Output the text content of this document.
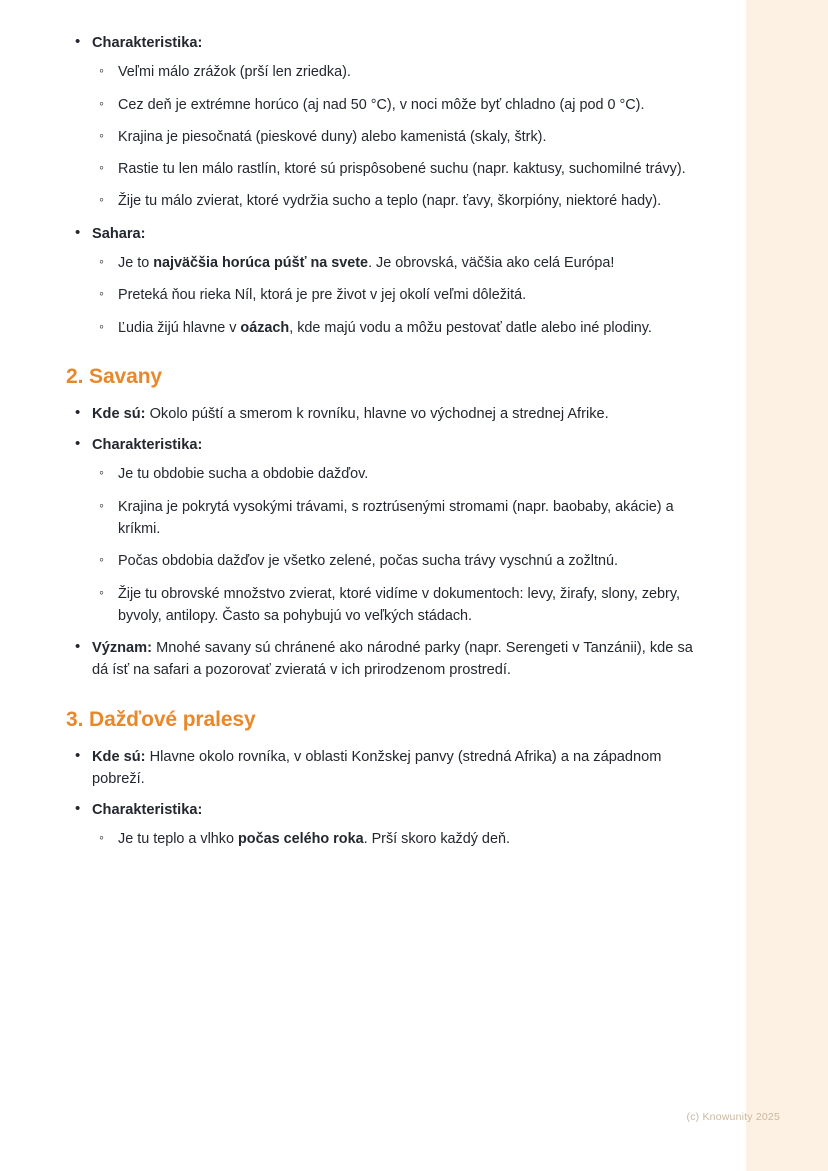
• Charakteristika:
◦ Veľmi málo zrážok (prší len zriedka).
◦ Cez deň je extrémne horúco (aj nad 50 °C), v noci môže byť chladno (aj pod 0 °C).
◦ Krajina je piesočnatá (pieskové duny) alebo kamenistá (skaly, štrk).
◦ Rastie tu len málo rastlín, ktoré sú prispôsobené suchu (napr. kaktusy, suchomilné trávy).
◦ Žije tu málo zvierat, ktoré vydržia sucho a teplo (napr. ťavy, škorpióny, niektoré hady).
• Sahara:
◦ Je to najväčšia horúca púšť na svete. Je obrovská, väčšia ako celá Európa!
◦ Preteká ňou rieka Níl, ktorá je pre život v jej okolí veľmi dôležitá.
◦ Ľudia žijú hlavne v oázach, kde majú vodu a môžu pestovať datle alebo iné plodiny.
2. Savany
• Kde sú: Okolo púští a smerom k rovníku, hlavne vo východnej a strednej Afrike.
• Charakteristika:
◦ Je tu obdobie sucha a obdobie dažďov.
◦ Krajina je pokrytá vysokými trávami, s roztrúsenými stromami (napr. baobaby, akácie) a kríkmi.
◦ Počas obdobia dažďov je všetko zelené, počas sucha trávy vyschnú a zožltnú.
◦ Žije tu obrovské množstvo zvierat, ktoré vidíme v dokumentoch: levy, žirafy, slony, zebry, byvoly, antilopy. Často sa pohybujú vo veľkých stádach.
• Význam: Mnohé savany sú chránené ako národné parky (napr. Serengeti v Tanzánii), kde sa dá ísť na safari a pozorovať zvieratá v ich prirodzenom prostredí.
3. Dažďové pralesy
• Kde sú: Hlavne okolo rovníka, v oblasti Konžskej panvy (stredná Afrika) a na západnom pobreží.
• Charakteristika:
◦ Je tu teplo a vlhko počas celého roka. Prší skoro každý deň.
(c) Knowunity 2025
